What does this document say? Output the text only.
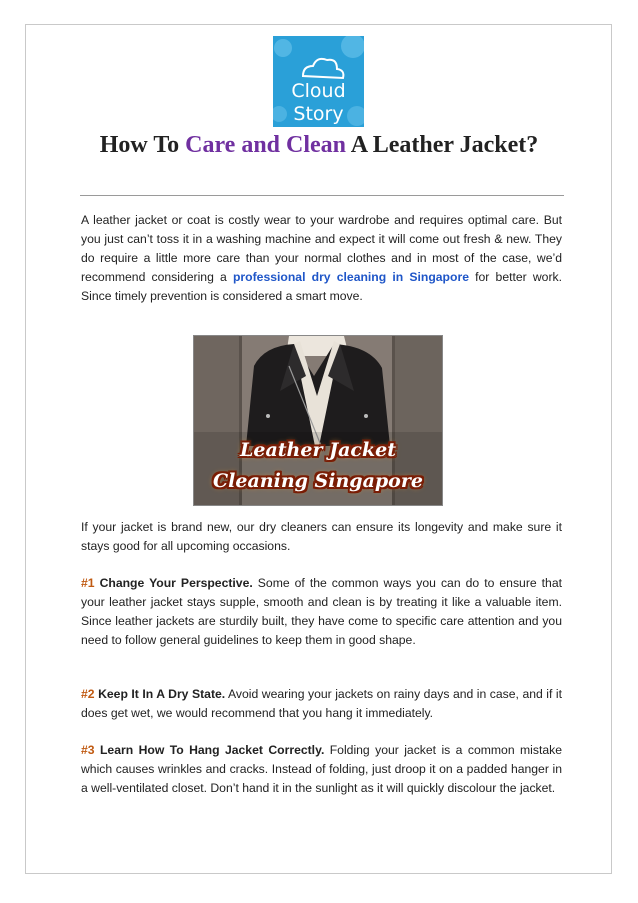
Cloud
Story
How To Care and Clean A Leather Jacket?
A leather jacket or coat is costly wear to your wardrobe and requires optimal care. But you just can’t toss it in a washing machine and expect it will come out fresh & new. They do require a little more care than your normal clothes and in most of the case, we’d recommend considering a professional dry cleaning in Singapore for better work. Since timely prevention is considered a smart move.
Leather Jacket
Cleaning Singapore
If your jacket is brand new, our dry cleaners can ensure its longevity and make sure it stays good for all upcoming occasions.
#1 Change Your Perspective. Some of the common ways you can do to ensure that your leather jacket stays supple, smooth and clean is by treating it like a valuable item. Since leather jackets are sturdily built, they have come to specific care attention and you need to follow general guidelines to keep them in good shape.
#2 Keep It In A Dry State. Avoid wearing your jackets on rainy days and in case, and if it does get wet, we would recommend that you hang it immediately.
#3 Learn How To Hang Jacket Correctly. Folding your jacket is a common mistake which causes wrinkles and cracks. Instead of folding, just droop it on a padded hanger in a well-ventilated closet. Don’t hand it in the sunlight as it will quickly discolour the jacket.
